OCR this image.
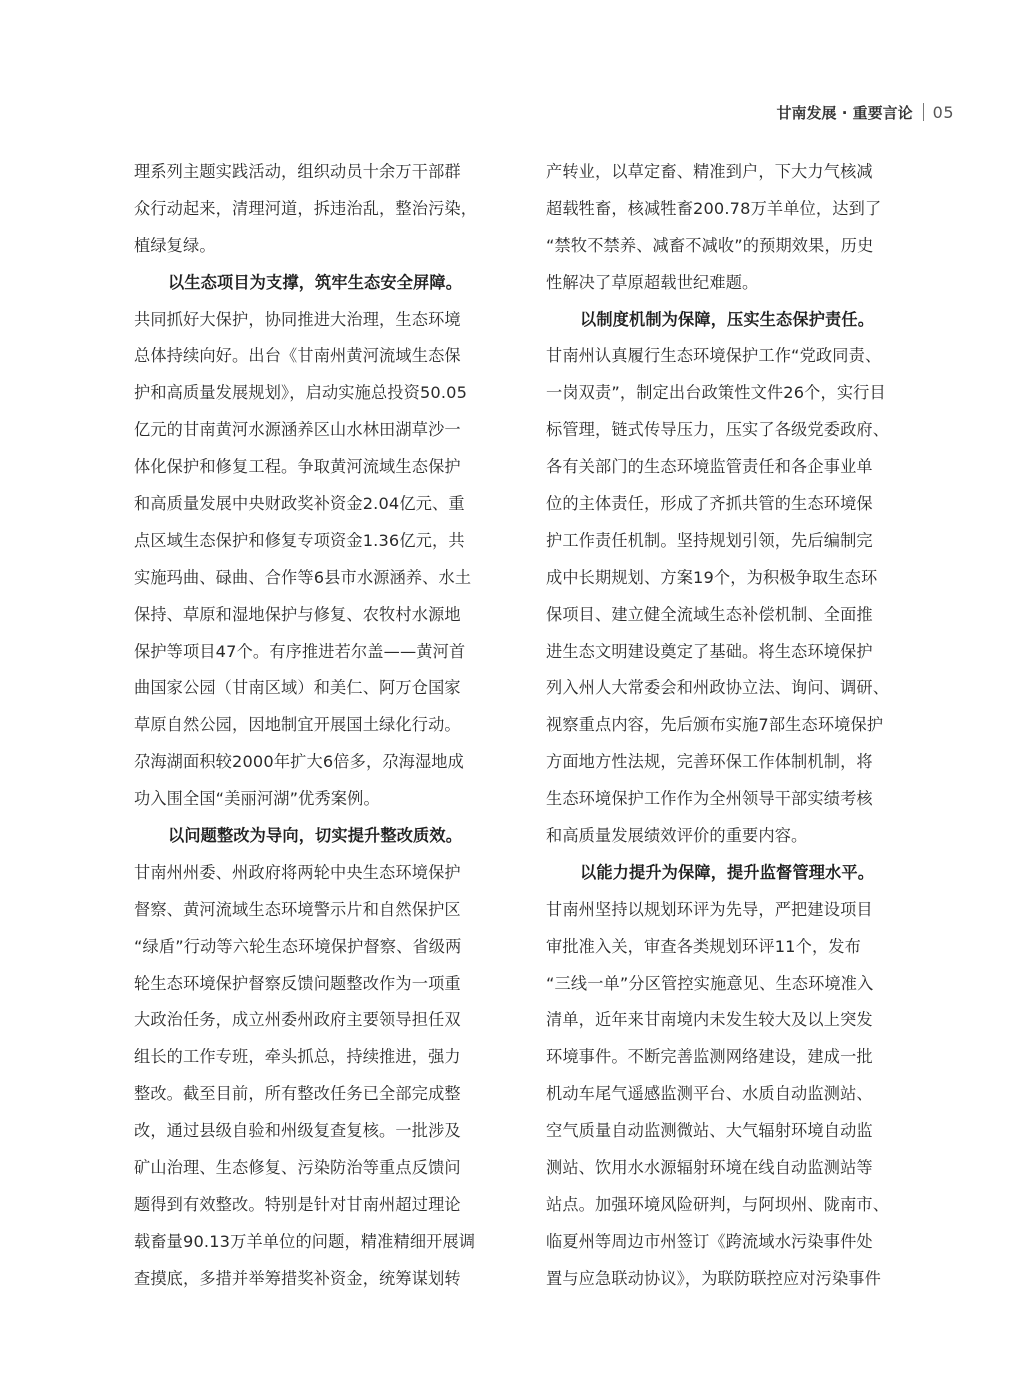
甘南发展 · 重要言论 05
理系列主题实践活动，组织动员十余万干部群
众行动起来，清理河道，拆违治乱，整治污染，
植绿复绿。
以生态项目为支撑，筑牢生态安全屏障。
共同抓好大保护，协同推进大治理，生态环境
总体持续向好。出台《甘南州黄河流域生态保
护和高质量发展规划》，启动实施总投资50.05
亿元的甘南黄河水源涵养区山水林田湖草沙一
体化保护和修复工程。争取黄河流域生态保护
和高质量发展中央财政奖补资金2.04亿元、重
点区域生态保护和修复专项资金1.36亿元，共
实施玛曲、碌曲、合作等6县市水源涵养、水土
保持、草原和湿地保护与修复、农牧村水源地
保护等项目47个。有序推进若尔盖——黄河首
曲国家公园（甘南区域）和美仁、阿万仓国家
草原自然公园，因地制宜开展国土绿化行动。
尕海湖面积较2000年扩大6倍多，尕海湿地成
功入围全国“美丽河湖”优秀案例。
以问题整改为导向，切实提升整改质效。
甘南州州委、州政府将两轮中央生态环境保护
督察、黄河流域生态环境警示片和自然保护区
“绿盾”行动等六轮生态环境保护督察、省级两
轮生态环境保护督察反馈问题整改作为一项重
大政治任务，成立州委州政府主要领导担任双
组长的工作专班，牵头抓总，持续推进，强力
整改。截至目前，所有整改任务已全部完成整
改，通过县级自验和州级复查复核。一批涉及
矿山治理、生态修复、污染防治等重点反馈问
题得到有效整改。特别是针对甘南州超过理论
载畜量90.13万羊单位的问题，精准精细开展调
查摸底，多措并举筹措奖补资金，统筹谋划转
产转业，以草定畜、精准到户，下大力气核减
超载牲畜，核减牲畜200.78万羊单位，达到了
“禁牧不禁养、减畜不减收”的预期效果，历史
性解决了草原超载世纪难题。
以制度机制为保障，压实生态保护责任。
甘南州认真履行生态环境保护工作“党政同责、
一岗双责”，制定出台政策性文件26个，实行目
标管理，链式传导压力，压实了各级党委政府、
各有关部门的生态环境监管责任和各企事业单
位的主体责任，形成了齐抓共管的生态环境保
护工作责任机制。坚持规划引领，先后编制完
成中长期规划、方案19个，为积极争取生态环
保项目、建立健全流域生态补偿机制、全面推
进生态文明建设奠定了基础。将生态环境保护
列入州人大常委会和州政协立法、询问、调研、
视察重点内容，先后颁布实施7部生态环境保护
方面地方性法规，完善环保工作体制机制，将
生态环境保护工作作为全州领导干部实绩考核
和高质量发展绩效评价的重要内容。
以能力提升为保障，提升监督管理水平。
甘南州坚持以规划环评为先导，严把建设项目
审批准入关，审查各类规划环评11个，发布
“三线一单”分区管控实施意见、生态环境准入
清单，近年来甘南境内未发生较大及以上突发
环境事件。不断完善监测网络建设，建成一批
机动车尾气遥感监测平台、水质自动监测站、
空气质量自动监测微站、大气辐射环境自动监
测站、饮用水水源辐射环境在线自动监测站等
站点。加强环境风险研判，与阿坝州、陇南市、
临夏州等周边市州签订《跨流域水污染事件处
置与应急联动协议》，为联防联控应对污染事件
